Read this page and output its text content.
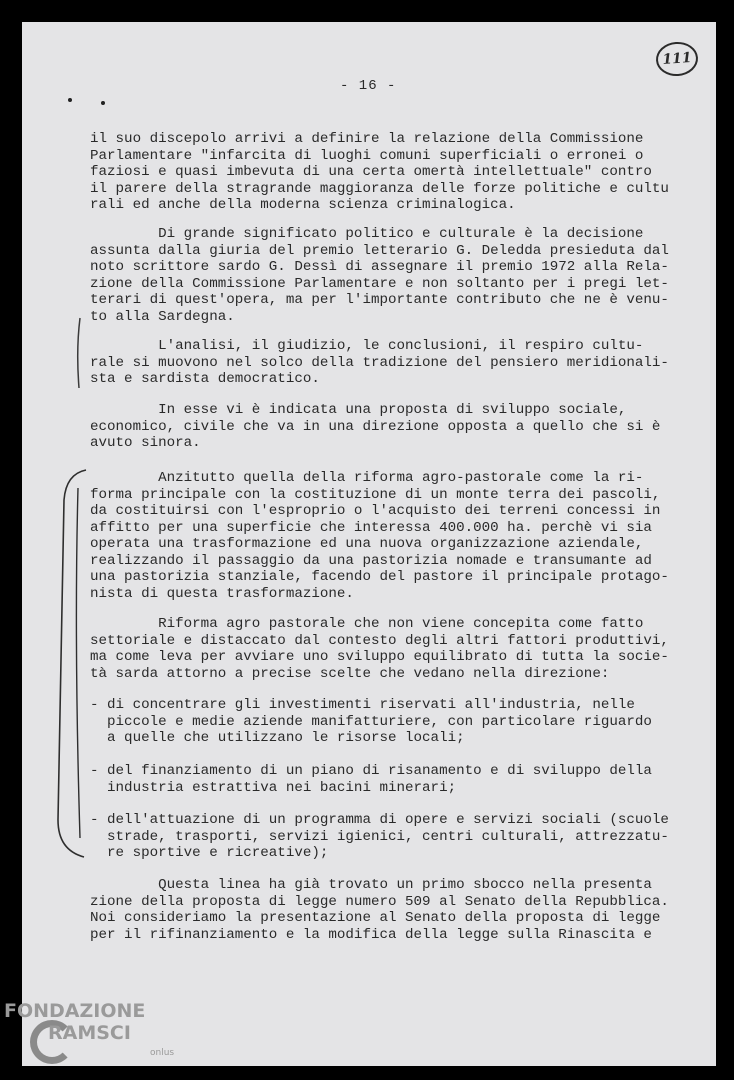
- 16 -
111

il suo discepolo arrivi a definire la relazione della Commissione
Parlamentare "infarcita di luoghi comuni superficiali o erronei o
faziosi e quasi imbevuta di una certa omertà intellettuale" contro
il parere della stragrande maggioranza delle forze politiche e cultu
rali ed anche della moderna scienza criminalogica.

Di grande significato politico e culturale è la decisione
assunta dalla giuria del premio letterario G. Deledda presieduta dal
noto scrittore sardo G. Dessì di assegnare il premio 1972 alla Rela-
zione della Commissione Parlamentare e non soltanto per i pregi let-
terari di quest'opera, ma per l'importante contributo che ne è venu-
to alla Sardegna.

L'analisi, il giudizio, le conclusioni, il respiro cultu-
rale si muovono nel solco della tradizione del pensiero meridionali-
sta e sardista democratico.

In esse vi è indicata una proposta di sviluppo sociale,
economico, civile che va in una direzione opposta a quello che si è
avuto sinora.

Anzitutto quella della riforma agro-pastorale come la ri-
forma principale con la costituzione di un monte terra dei pascoli,
da costituirsi con l'esproprio o l'acquisto dei terreni concessi in
affitto per una superficie che interessa 400.000 ha. perchè vi sia
operata una trasformazione ed una nuova organizzazione aziendale,
realizzando il passaggio da una pastorizia nomade e transumante ad
una pastorizia stanziale, facendo del pastore il principale protago-
nista di questa trasformazione.

Riforma agro pastorale che non viene concepita come fatto
settoriale e distaccato dal contesto degli altri fattori produttivi,
ma come leva per avviare uno sviluppo equilibrato di tutta la socie-
tà sarda attorno a precise scelte che vedano nella direzione:

- di concentrare gli investimenti riservati all'industria, nelle
piccole e medie aziende manifatturiere, con particolare riguardo
a quelle che utilizzano le risorse locali;

- del finanziamento di un piano di risanamento e di sviluppo della
industria estrattiva nei bacini minerari;

- dell'attuazione di un programma di opere e servizi sociali (scuole
strade, trasporti, servizi igienici, centri culturali, attrezzatu-
re sportive e ricreative);

Questa linea ha già trovato un primo sbocco nella presenta
zione della proposta di legge numero 509 al Senato della Repubblica.
Noi consideriamo la presentazione al Senato della proposta di legge
per il rifinanziamento e la modifica della legge sulla Rinascita e

FONDAZIONE
RAMSCI
onlus
